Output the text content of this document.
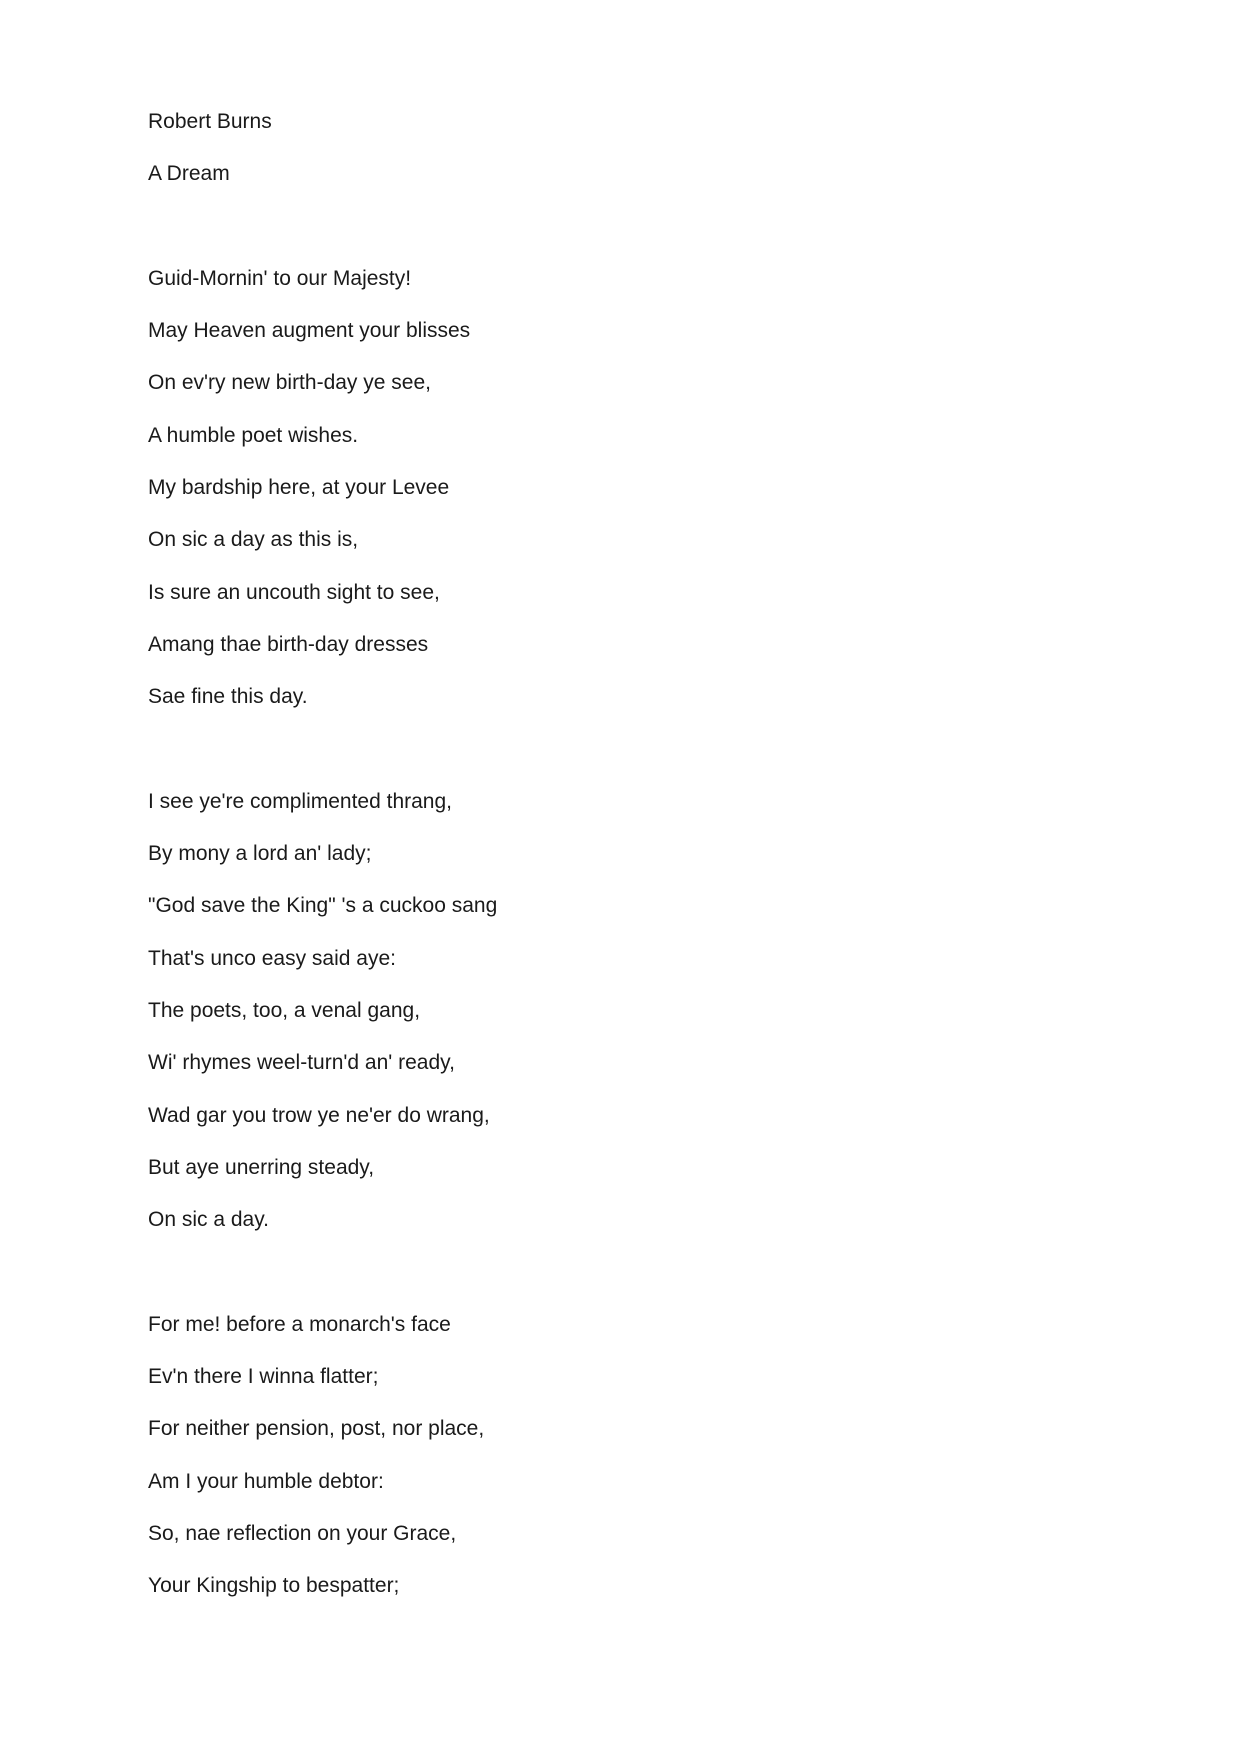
Robert Burns
A Dream
Guid-Mornin' to our Majesty!
May Heaven augment your blisses
On ev'ry new birth-day ye see,
A humble poet wishes.
My bardship here, at your Levee
On sic a day as this is,
Is sure an uncouth sight to see,
Amang thae birth-day dresses
Sae fine this day.
I see ye're complimented thrang,
By mony a lord an' lady;
"God save the King" 's a cuckoo sang
That's unco easy said aye:
The poets, too, a venal gang,
Wi' rhymes weel-turn'd an' ready,
Wad gar you trow ye ne'er do wrang,
But aye unerring steady,
On sic a day.
For me! before a monarch's face
Ev'n there I winna flatter;
For neither pension, post, nor place,
Am I your humble debtor:
So, nae reflection on your Grace,
Your Kingship to bespatter;
